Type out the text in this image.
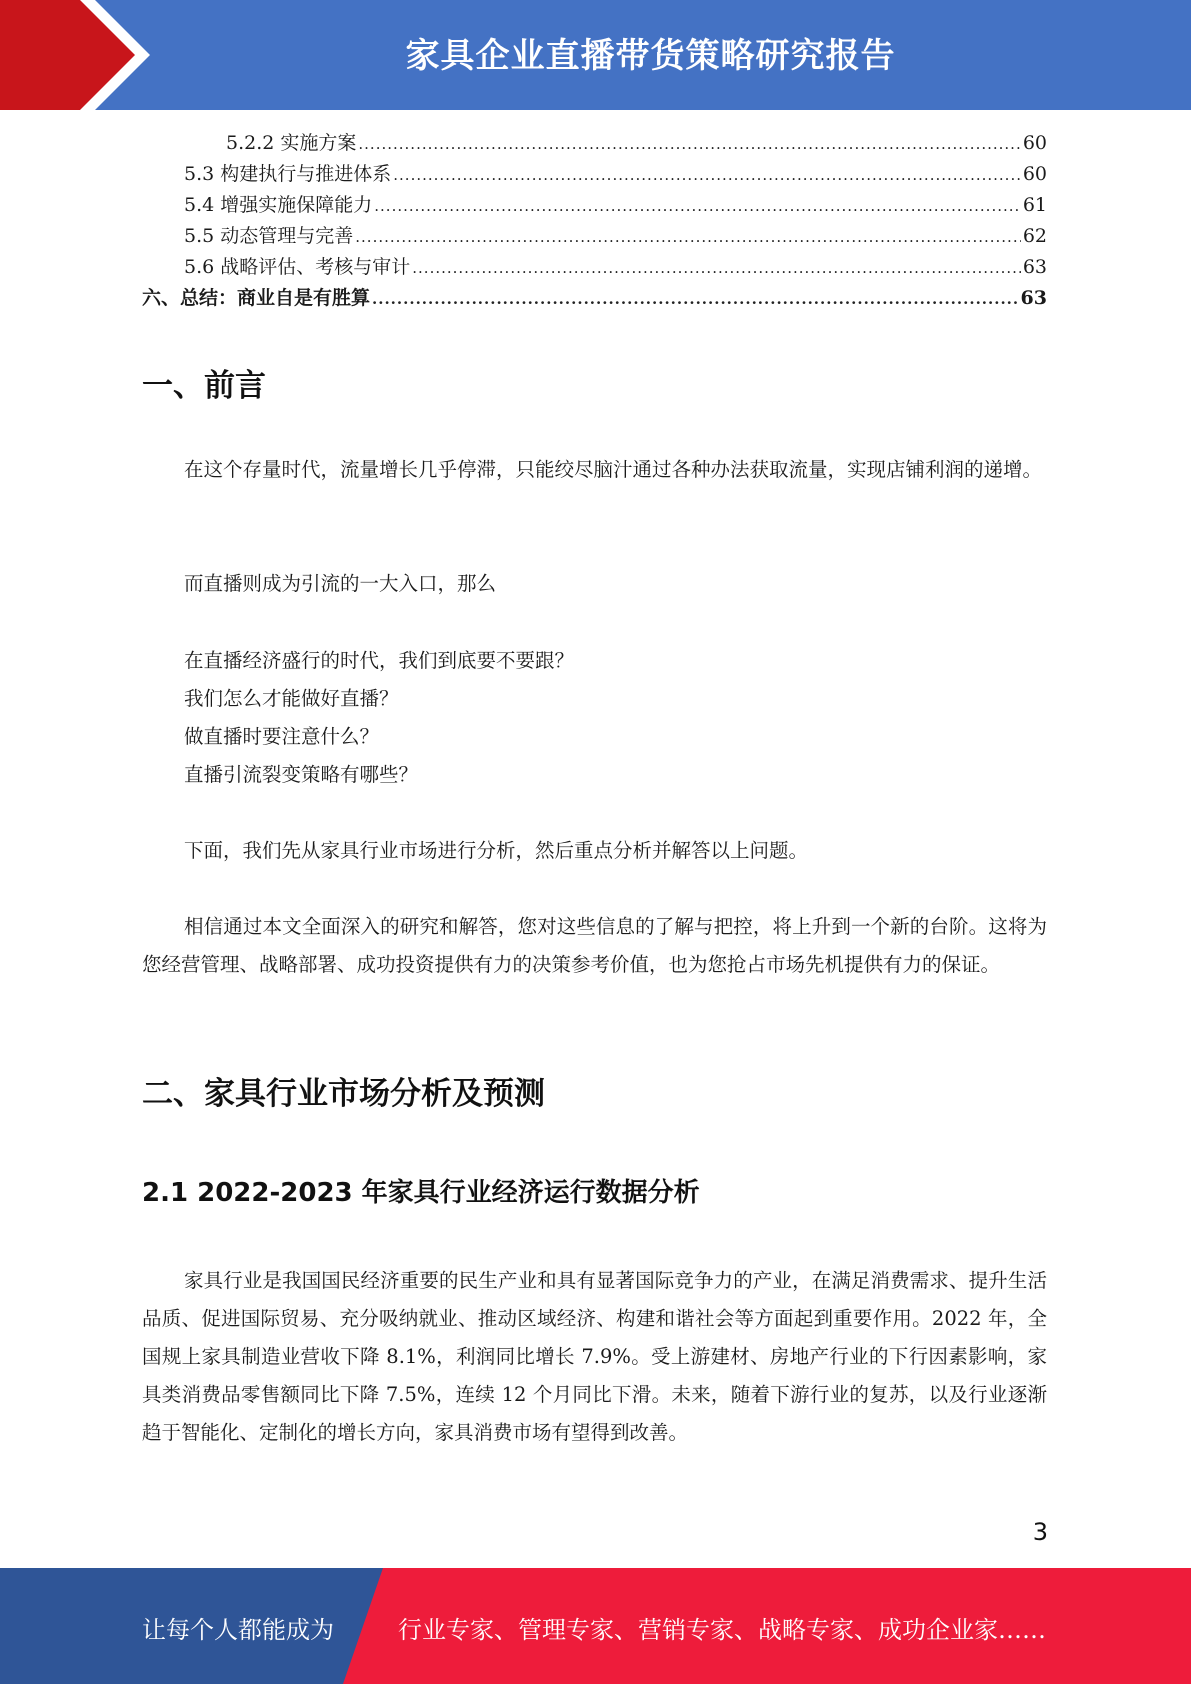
家具企业直播带货策略研究报告
5.2.2 实施方案 .....	60
5.3 构建执行与推进体系 .....	60
5.4 增强实施保障能力 .....	61
5.5 动态管理与完善 .....	62
5.6 战略评估、考核与审计 .....	63
六、总结：商业自是有胜算 .....	63
一、前言

在这个存量时代，流量增长几乎停滞，只能绞尽脑汁通过各种办法获取流量，实现店铺利润的递增。

而直播则成为引流的一大入口，那么

在直播经济盛行的时代，我们到底要不要跟？
我们怎么才能做好直播？
做直播时要注意什么？
直播引流裂变策略有哪些？

下面，我们先从家具行业市场进行分析，然后重点分析并解答以上问题。

相信通过本文全面深入的研究和解答，您对这些信息的了解与把控，将上升到一个新的台阶。这将为您经营管理、战略部署、成功投资提供有力的决策参考价值，也为您抢占市场先机提供有力的保证。

二、家具行业市场分析及预测
2.1 2022-2023 年家具行业经济运行数据分析

家具行业是我国国民经济重要的民生产业和具有显著国际竞争力的产业，在满足消费需求、提升生活品质、促进国际贸易、充分吸纳就业、推动区域经济、构建和谐社会等方面起到重要作用。2022 年，全国规上家具制造业营收下降 8.1%，利润同比增长 7.9%。受上游建材、房地产行业的下行因素影响，家具类消费品零售额同比下降 7.5%，连续 12 个月同比下滑。未来，随着下游行业的复苏，以及行业逐渐趋于智能化、定制化的增长方向，家具消费市场有望得到改善。

3
让每个人都能成为	行业专家、管理专家、营销专家、战略专家、成功企业家……
